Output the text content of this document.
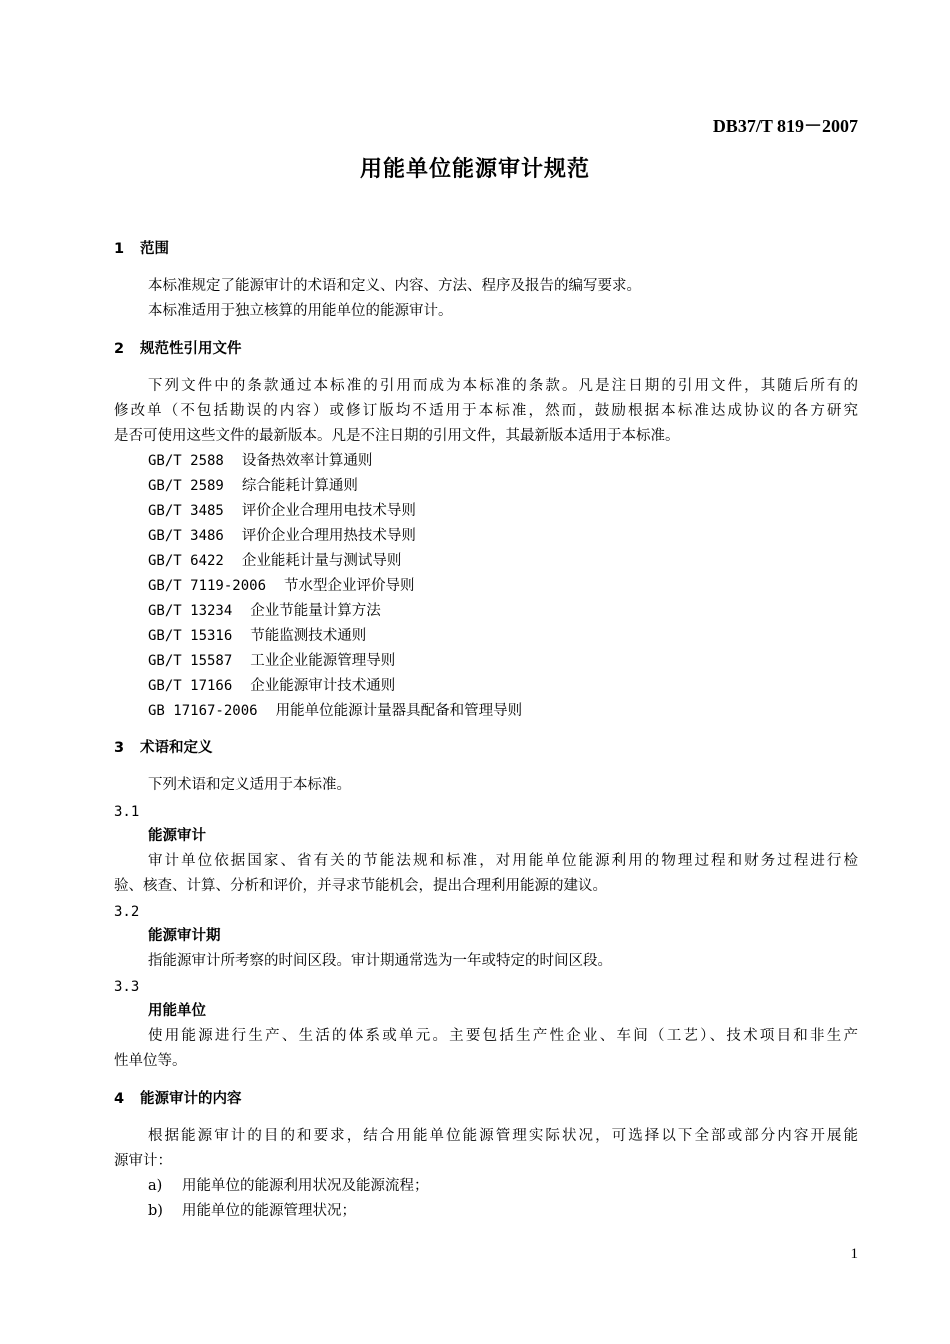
DB37/T 819－2007
用能单位能源审计规范
1 范围
本标准规定了能源审计的术语和定义、内容、方法、程序及报告的编写要求。
本标准适用于独立核算的用能单位的能源审计。
2 规范性引用文件
下列文件中的条款通过本标准的引用而成为本标准的条款。凡是注日期的引用文件，其随后所有的
修改单（不包括勘误的内容）或修订版均不适用于本标准，然而，鼓励根据本标准达成协议的各方研究
是否可使用这些文件的最新版本。凡是不注日期的引用文件，其最新版本适用于本标准。
GB/T 2588 设备热效率计算通则
GB/T 2589 综合能耗计算通则
GB/T 3485 评价企业合理用电技术导则
GB/T 3486 评价企业合理用热技术导则
GB/T 6422 企业能耗计量与测试导则
GB/T 7119-2006 节水型企业评价导则
GB/T 13234 企业节能量计算方法
GB/T 15316 节能监测技术通则
GB/T 15587 工业企业能源管理导则
GB/T 17166 企业能源审计技术通则
GB 17167-2006 用能单位能源计量器具配备和管理导则
3 术语和定义
下列术语和定义适用于本标准。
3.1
能源审计
审计单位依据国家、省有关的节能法规和标准，对用能单位能源利用的物理过程和财务过程进行检
验、核查、计算、分析和评价，并寻求节能机会，提出合理利用能源的建议。
3.2
能源审计期
指能源审计所考察的时间区段。审计期通常选为一年或特定的时间区段。
3.3
用能单位
使用能源进行生产、生活的体系或单元。主要包括生产性企业、车间（工艺）、技术项目和非生产
性单位等。
4 能源审计的内容
根据能源审计的目的和要求，结合用能单位能源管理实际状况，可选择以下全部或部分内容开展能
源审计：
a) 用能单位的能源利用状况及能源流程；
b) 用能单位的能源管理状况；
1
